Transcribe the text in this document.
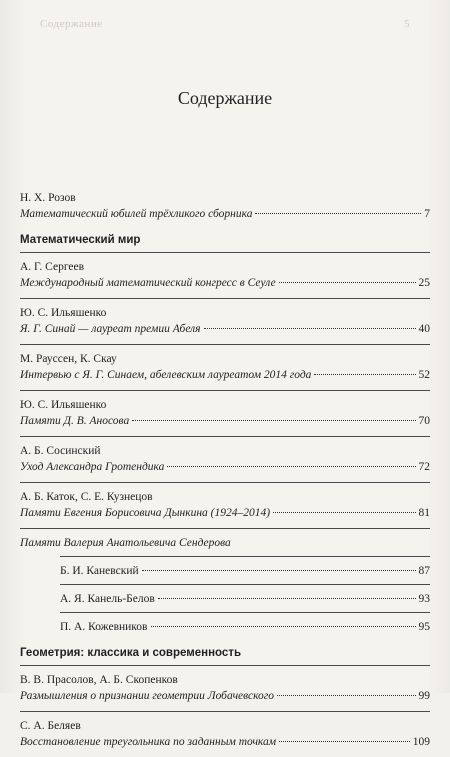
Содержание	5
Содержание
Н. Х. Розов
Математический юбилей трёхликого сборника	7
Математический мир
А. Г. Сергеев
Международный математический конгресс в Сеуле	25
Ю. С. Ильяшенко
Я. Г. Синай — лауреат премии Абеля	40
М. Рауссен, К. Скау
Интервью с Я. Г. Синаем, абелевским лауреатом 2014 года	52
Ю. С. Ильяшенко
Памяти Д. В. Аносова	70
А. Б. Сосинский
Уход Александра Гротендика	72
А. Б. Каток, С. Е. Кузнецов
Памяти Евгения Борисовича Дынкина (1924–2014)	81
Памяти Валерия Анатольевича Сендерова
Б. И. Каневский	87
А. Я. Канель-Белов	93
П. А. Кожевников	95
Геометрия: классика и современность
В. В. Прасолов, А. Б. Скопенков
Размышления о признании геометрии Лобачевского	99
С. А. Беляев
Восстановление треугольника по заданным точкам	109
